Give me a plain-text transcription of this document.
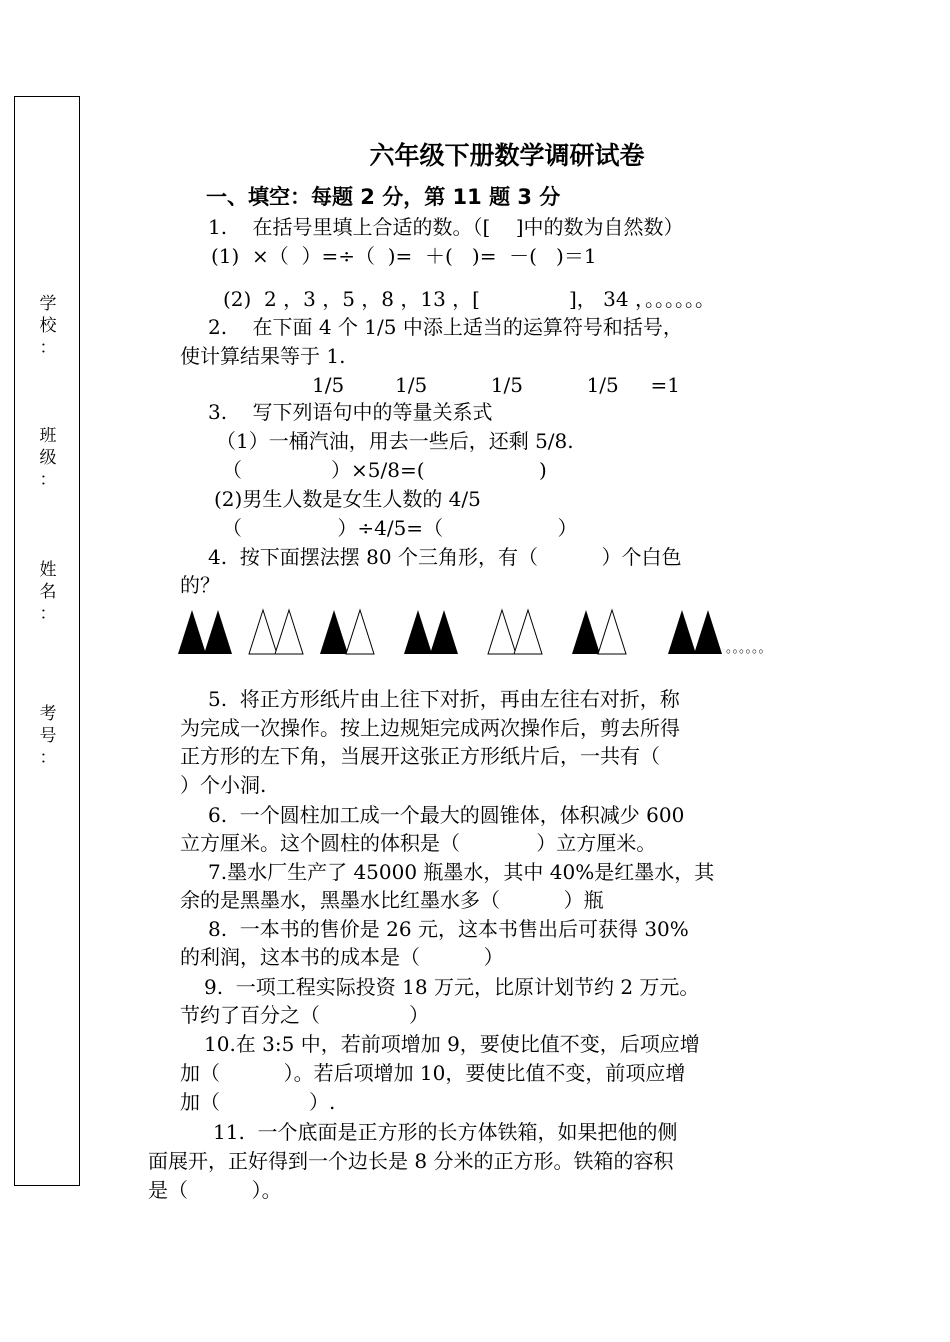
学
校
：
班
级
：
姓
名
：
考
号
：
六年级下册数学调研试卷
一、填空：每题 2 分，第 11 题 3 分
1.    在括号里填上合适的数。（[    ]中的数为自然数）
(1)  ×（  ）=÷（  )=  ＋(   )=  －(   )＝1
(2)  2 ，3 ，5 ，8 ，13 ，[              ]， 34 ，。。。。。。
2.    在下面 4 个 1/5 中添上适当的运算符号和括号，
使计算结果等于 1.
1/5        1/5          1/5          1/5     =1
3.    写下列语句中的等量关系式
（1）一桶汽油，用去一些后，还剩 5/8.
（              ）×5/8=(                  )
(2)男生人数是女生人数的 4/5
（               ）÷4/5=（                  ）
4.  按下面摆法摆 80 个三角形，有（          ）个白色
的？
。。。。。。
5.  将正方形纸片由上往下对折，再由左往右对折，称
为完成一次操作。按上边规矩完成两次操作后，剪去所得
正方形的左下角，当展开这张正方形纸片后，一共有（
）个小洞.
6.  一个圆柱加工成一个最大的圆锥体，体积减少 600
立方厘米。这个圆柱的体积是（            ）立方厘米。
7.墨水厂生产了 45000 瓶墨水，其中 40%是红墨水，其
余的是黑墨水，黑墨水比红墨水多（          ）瓶
8.  一本书的售价是 26 元，这本书售出后可获得 30%
的利润，这本书的成本是（          ）
9.  一项工程实际投资 18 万元，比原计划节约 2 万元。
节约了百分之（              ）
10.在 3:5 中，若前项增加 9，要使比值不变，后项应增
加（          ）。若后项增加 10，要使比值不变，前项应增
加（              ）.
11.  一个底面是正方形的长方体铁箱，如果把他的侧
面展开，正好得到一个边长是 8 分米的正方形。铁箱的容积
是（          ）。
